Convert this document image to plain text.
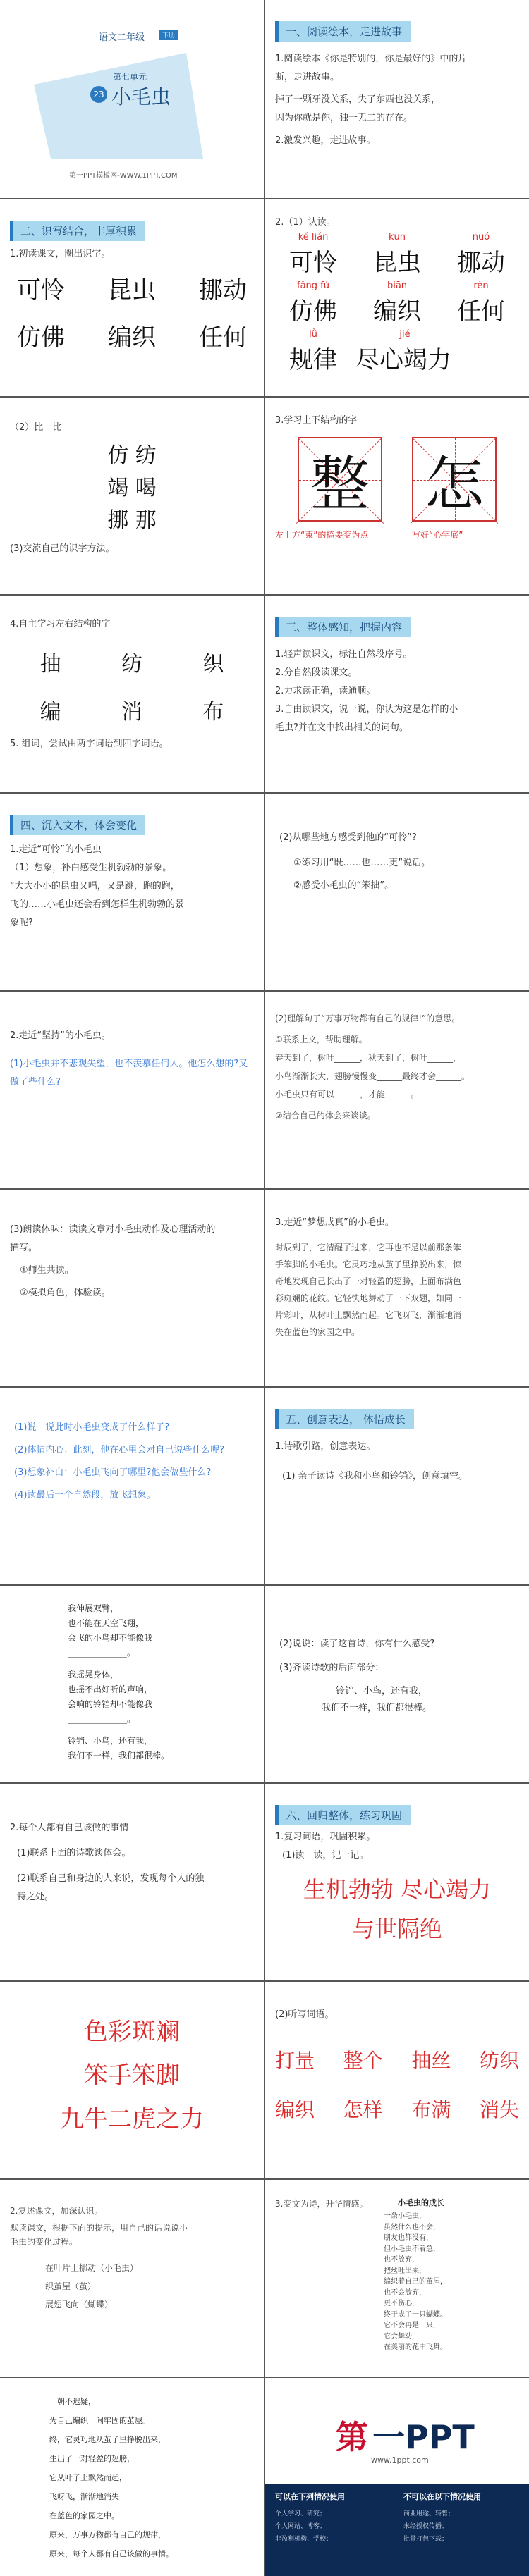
语文二年级	下册
第七单元
23 小毛虫
第一PPT模板网-WWW.1PPT.COM
一、阅读绘本，走进故事
1.阅读绘本《你是特别的，你是最好的》中的片
断，走进故事。
掉了一颗牙没关系，失了东西也没关系，
因为你就是你，独一无二的存在。
2.激发兴趣，走进故事。
二、识写结合，丰厚积累
1.初读课文，圈出识字。
可怜 昆虫 挪动
仿佛 编织 任何
2.（1）认读。
kě lián	kūn	nuó
可怜 昆虫 挪动
fǎng fú	biān	rèn
仿佛 编织 任何
lǜ	jié
规律 尽心竭力
（2）比一比
仿 纺
竭 喝
挪 那
(3)交流自己的识字方法。
3.学习上下结构的字
整 怎
左上方“束”的捺要变为点	写好“心字底”
4.自主学习左右结构的字
抽	纺	织
编	消	布
5. 组词，尝试由两字词语到四字词语。
三、整体感知，把握内容
1.轻声读课文，标注自然段序号。
2.分自然段读课文。
2.力求读正确，读通顺。
3.自由读课文，说一说，你认为这是怎样的小
毛虫?并在文中找出相关的词句。
四、沉入文本，体会变化
1.走近“可怜”的小毛虫
（1）想象，补白感受生机勃勃的景象。
“大大小小的昆虫又唱，又是跳，跑的跑，
飞的……小毛虫还会看到怎样生机勃勃的景
象呢?
(2)从哪些地方感受到他的“可怜”?
①练习用“既……也……更”说话。
②感受小毛虫的“笨拙”。
2.走近“坚持”的小毛虫。
(1)小毛虫并不悲观失望，也不羡慕任何人。他怎么想的?又做了些什么?
(2)理解句子“万事万物都有自己的规律!”的意思。
①联系上文，帮助理解。
春天到了，树叶______，秋天到了，树叶______，
小鸟渐渐长大，翅膀慢慢变______最终才会______。
小毛虫只有可以______，才能______。
②结合自己的体会来谈谈。
(3)朗读体味：读读文章对小毛虫动作及心理活动的
描写。
①师生共读。
②模拟角色，体验读。
3.走近“梦想成真”的小毛虫。
时辰到了，它清醒了过来，它再也不是以前那条笨
手笨脚的小毛虫。它灵巧地从茧子里挣脱出来，惊
奇地发现自己长出了一对轻盈的翅膀，上面布满色
彩斑斓的花纹。它轻快地舞动了一下双翅，如同一
片彩叶，从树叶上飘然而起。它飞呀飞，渐渐地消
失在蓝色的家园之中。
(1)说一说此时小毛虫变成了什么样子?
(2)体情内心：此刻，他在心里会对自己说些什么呢?
(3)想象补白：小毛虫飞向了哪里?他会做些什么?
(4)读最后一个自然段，放飞想象。
五、创意表达， 体悟成长
1.诗歌引路，创意表达。
(1) 亲子读诗《我和小鸟和铃铛》，创意填空。
我伸展双臂，
也不能在天空飞翔，
会飞的小鸟却不能像我
______________。
我摇晃身体，
也摇不出好听的声响，
会响的铃铛却不能像我
______________。
铃铛、小鸟，还有我，
我们不一样，我们都很棒。
(2)说说：读了这首诗，你有什么感受?
(3)齐读诗歌的后面部分：
铃铛、小鸟，还有我，
我们不一样，我们都很棒。
2.每个人都有自己该做的事情
(1)联系上面的诗歌谈体会。
(2)联系自己和身边的人来说，发现每个人的独
特之处。
六、回归整体，练习巩固
1.复习词语，巩固积累。
(1)读一读，记一记。
生机勃勃 尽心竭力
与世隔绝
色彩斑斓
笨手笨脚
九牛二虎之力
(2)听写词语。
打量 整个 抽丝 纺织
编织 怎样 布满 消失
2.复述课文，加深认识。
默读课文，根据下面的提示，用自己的话说说小
毛虫的变化过程。
在叶片上挪动（小毛虫）
织茧屋（茧）
展翅飞向（蝴蝶）
3.变文为诗，升华情感。	小毛虫的成长
一条小毛虫，
虽然什么也不会，
朋友也都没有，
但小毛虫不着急，
也不放弃，
把丝吐出来，
编织着自己的茧屋，
也不会放弃，
更不伤心，
终于成了一只蝴蝶。
它不会再是一只，
它会舞动，
在美丽的花中飞舞。
一朝不迟疑，
为自己编织一间牢固的茧屋。
终，它灵巧地从茧子里挣脱出来，
生出了一对轻盈的翅膀，
它从叶子上飘然而起，
飞呀飞，渐渐地消失
在蓝色的家园之中。
原来，万事万物都有自己的规律，
原来，每个人都有自己该做的事情。
第 一PPT
www.1ppt.com
可以在下列情况使用	不可以在以下情况使用
个人学习、研究；
个人网站、博客；
非盈利机构、学校；
商业用途、转售；
未经授权传播；
批量打包下载；
